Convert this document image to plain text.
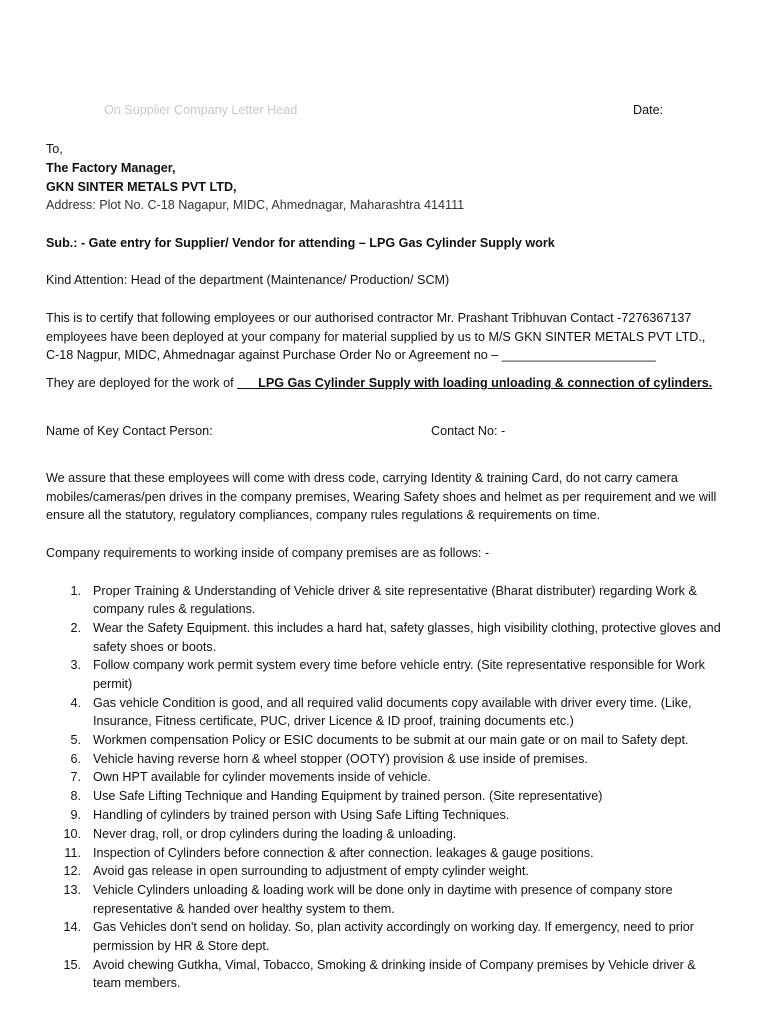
On Supplier Company Letter Head	Date:
To,
The Factory Manager,
GKN SINTER METALS PVT LTD,
Address: Plot No. C-18 Nagapur, MIDC, Ahmednagar, Maharashtra 414111
Sub.: - Gate entry for Supplier/ Vendor for attending – LPG Gas Cylinder Supply work
Kind Attention: Head of the department (Maintenance/ Production/ SCM)
This is to certify that following employees or our authorised contractor Mr. Prashant Tribhuvan Contact -7276367137
employees have been deployed at your company for material supplied by us to M/S GKN SINTER METALS PVT LTD.,
C-18 Nagpur, MIDC, Ahmednagar against Purchase Order No or Agreement no – ______________________
They are deployed for the work of ___LPG Gas Cylinder Supply with loading unloading & connection of cylinders.
Name of Key Contact Person:	Contact No: -
We assure that these employees will come with dress code, carrying Identity & training Card, do not carry camera mobiles/cameras/pen drives in the company premises, Wearing Safety shoes and helmet as per requirement and we will ensure all the statutory, regulatory compliances, company rules regulations & requirements on time.
Company requirements to working inside of company premises are as follows: -
1. Proper Training & Understanding of Vehicle driver & site representative (Bharat distributer) regarding Work & company rules & regulations.
2. Wear the Safety Equipment. this includes a hard hat, safety glasses, high visibility clothing, protective gloves and safety shoes or boots.
3. Follow company work permit system every time before vehicle entry. (Site representative responsible for Work permit)
4. Gas vehicle Condition is good, and all required valid documents copy available with driver every time. (Like, Insurance, Fitness certificate, PUC, driver Licence & ID proof, training documents etc.)
5. Workmen compensation Policy or ESIC documents to be submit at our main gate or on mail to Safety dept.
6. Vehicle having reverse horn & wheel stopper (OOTY) provision & use inside of premises.
7. Own HPT available for cylinder movements inside of vehicle.
8. Use Safe Lifting Technique and Handing Equipment by trained person. (Site representative)
9. Handling of cylinders by trained person with Using Safe Lifting Techniques.
10. Never drag, roll, or drop cylinders during the loading & unloading.
11. Inspection of Cylinders before connection & after connection. leakages & gauge positions.
12. Avoid gas release in open surrounding to adjustment of empty cylinder weight.
13. Vehicle Cylinders unloading & loading work will be done only in daytime with presence of company store representative & handed over healthy system to them.
14. Gas Vehicles don't send on holiday. So, plan activity accordingly on working day. If emergency, need to prior permission by HR & Store dept.
15. Avoid chewing Gutkha, Vimal, Tobacco, Smoking & drinking inside of Company premises by Vehicle driver & team members.
